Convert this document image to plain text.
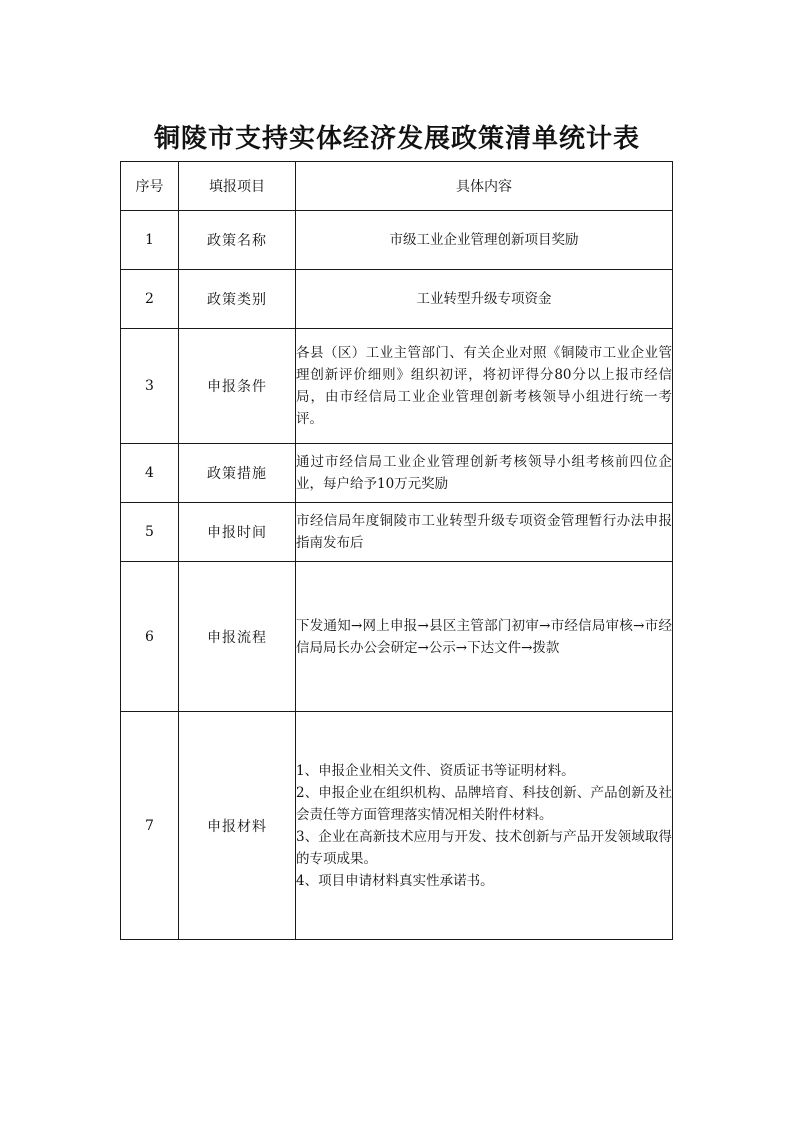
铜陵市支持实体经济发展政策清单统计表
序号	填报项目	具体内容
1	政策名称	市级工业企业管理创新项目奖励

2	政策类别	工业转型升级专项资金

3	申报条件	各县（区）工业主管部门、有关企业对照《铜陵市工业企业管理创新评价细则》组织初评，将初评得分80分以上报市经信局，由市经信局工业企业管理创新考核领导小组进行统一考评。

4	政策措施	通过市经信局工业企业管理创新考核领导小组考核前四位企业，每户给予10万元奖励

5	申报时间	市经信局年度铜陵市工业转型升级专项资金管理暂行办法申报指南发布后

6	申报流程	下发通知→网上申报→县区主管部门初审→市经信局审核→市经信局局长办公会研定→公示→下达文件→拨款

7	申报材料	1、申报企业相关文件、资质证书等证明材料。

2、申报企业在组织机构、品牌培育、科技创新、产品创新及社会责任等方面管理落实情况相关附件材料。

3、企业在高新技术应用与开发、技术创新与产品开发领域取得的专项成果。

4、项目申请材料真实性承诺书。
